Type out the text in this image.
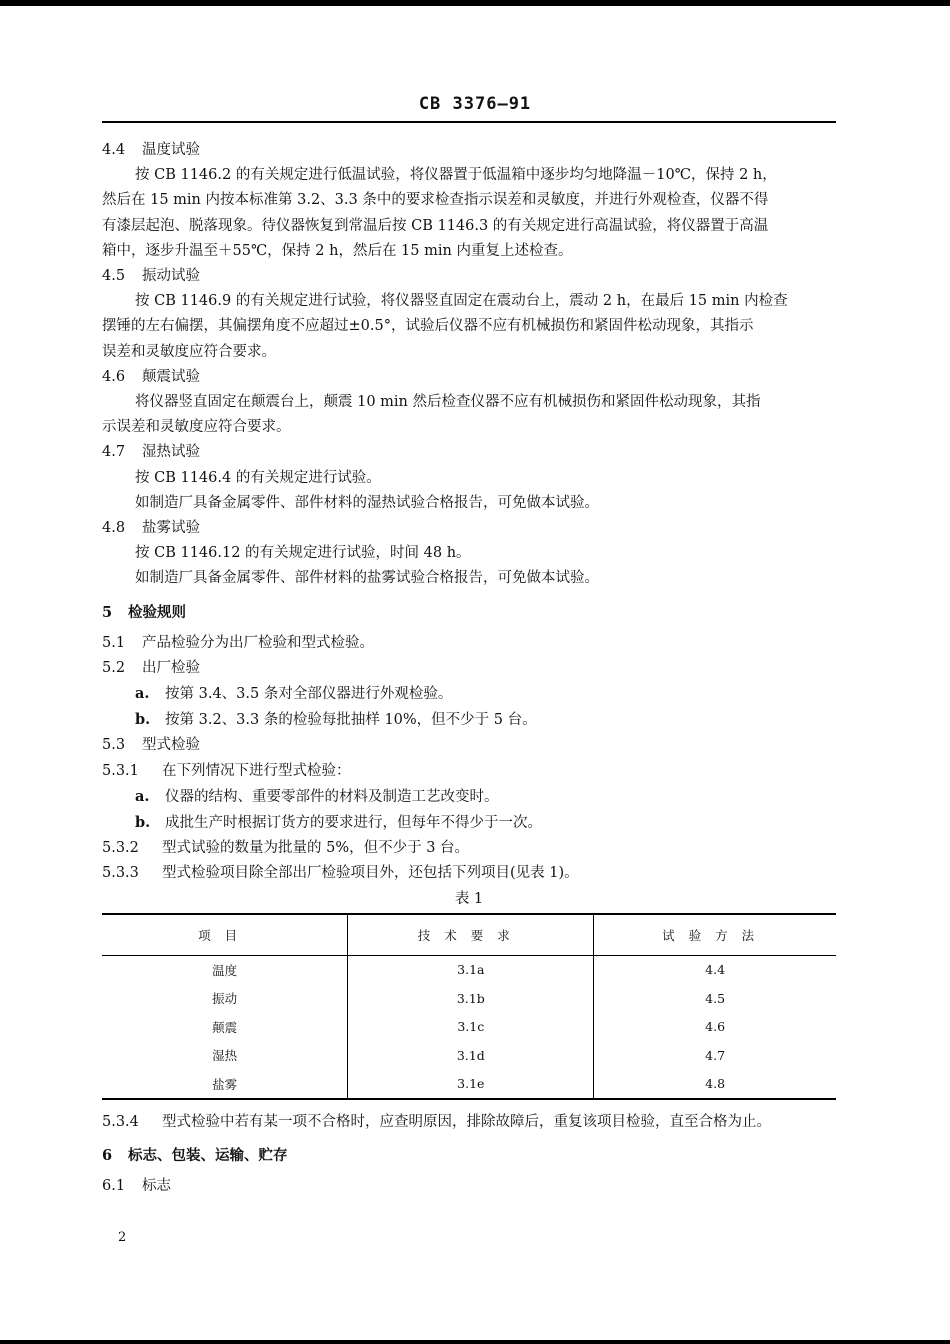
CB 3376—91

4.4 温度试验

按 CB 1146.2 的有关规定进行低温试验，将仪器置于低温箱中逐步均匀地降温－10℃，保持 2 h，

然后在 15 min 内按本标准第 3.2、3.3 条中的要求检查指示误差和灵敏度，并进行外观检查，仪器不得

有漆层起泡、脱落现象。待仪器恢复到常温后按 CB 1146.3 的有关规定进行高温试验，将仪器置于高温

箱中，逐步升温至＋55℃，保持 2 h，然后在 15 min 内重复上述检查。

4.5 振动试验

按 CB 1146.9 的有关规定进行试验，将仪器竖直固定在震动台上，震动 2 h，在最后 15 min 内检查

摆锤的左右偏摆，其偏摆角度不应超过±0.5°，试验后仪器不应有机械损伤和紧固件松动现象，其指示

误差和灵敏度应符合要求。

4.6 颠震试验

将仪器竖直固定在颠震台上，颠震 10 min 然后检查仪器不应有机械损伤和紧固件松动现象，其指

示误差和灵敏度应符合要求。

4.7 湿热试验

按 CB 1146.4 的有关规定进行试验。

如制造厂具备金属零件、部件材料的湿热试验合格报告，可免做本试验。

4.8 盐雾试验

按 CB 1146.12 的有关规定进行试验，时间 48 h。

如制造厂具备金属零件、部件材料的盐雾试验合格报告，可免做本试验。

5 检验规则

5.1 产品检验分为出厂检验和型式检验。

5.2 出厂检验

a. 按第 3.4、3.5 条对全部仪器进行外观检验。

b. 按第 3.2、3.3 条的检验每批抽样 10%，但不少于 5 台。

5.3 型式检验

5.3.1 在下列情况下进行型式检验：

a. 仪器的结构、重要零部件的材料及制造工艺改变时。

b. 成批生产时根据订货方的要求进行，但每年不得少于一次。

5.3.2 型式试验的数量为批量的 5%，但不少于 3 台。

5.3.3 型式检验项目除全部出厂检验项目外，还包括下列项目(见表 1)。

表 1

项目	技术要求	试验方法
温度	3.1a	4.4
振动	3.1b	4.5
颠震	3.1c	4.6
湿热	3.1d	4.7
盐雾	3.1e	4.8

5.3.4 型式检验中若有某一项不合格时，应查明原因，排除故障后，重复该项目检验，直至合格为止。

6 标志、包装、运输、贮存

6.1 标志

2
